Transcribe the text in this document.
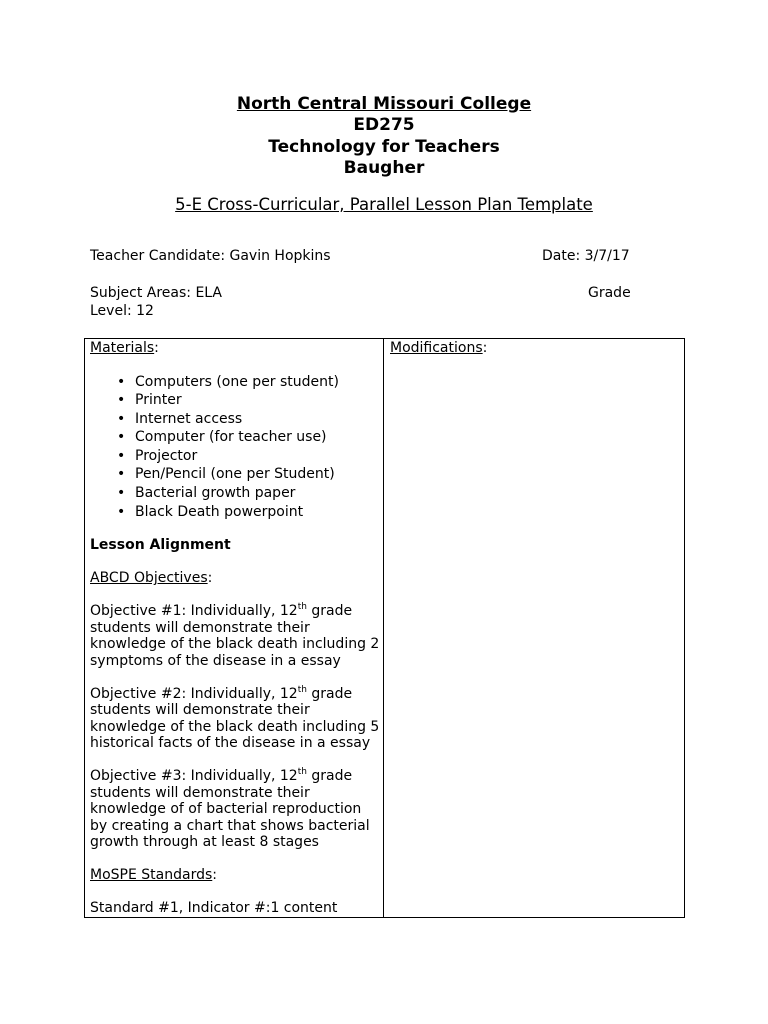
North Central Missouri College
ED275
Technology for Teachers
Baugher
5-E Cross-Curricular, Parallel Lesson Plan Template
Teacher Candidate: Gavin Hopkins	Date: 3/7/17
Subject Areas: ELA	Grade
Level: 12
Materials:
• Computers (one per student)
• Printer
• Internet access
• Computer (for teacher use)
• Projector
• Pen/Pencil (one per Student)
• Bacterial growth paper
• Black Death powerpoint
Lesson Alignment
ABCD Objectives:
Objective #1: Individually, 12th grade
students will demonstrate their
knowledge of the black death including 2
symptoms of the disease in a essay
Objective #2: Individually, 12th grade
students will demonstrate their
knowledge of the black death including 5
historical facts of the disease in a essay
Objective #3: Individually, 12th grade
students will demonstrate their
knowledge of of bacterial reproduction
by creating a chart that shows bacterial
growth through at least 8 stages
MoSPE Standards:
Standard #1, Indicator #:1 content
Modifications:
